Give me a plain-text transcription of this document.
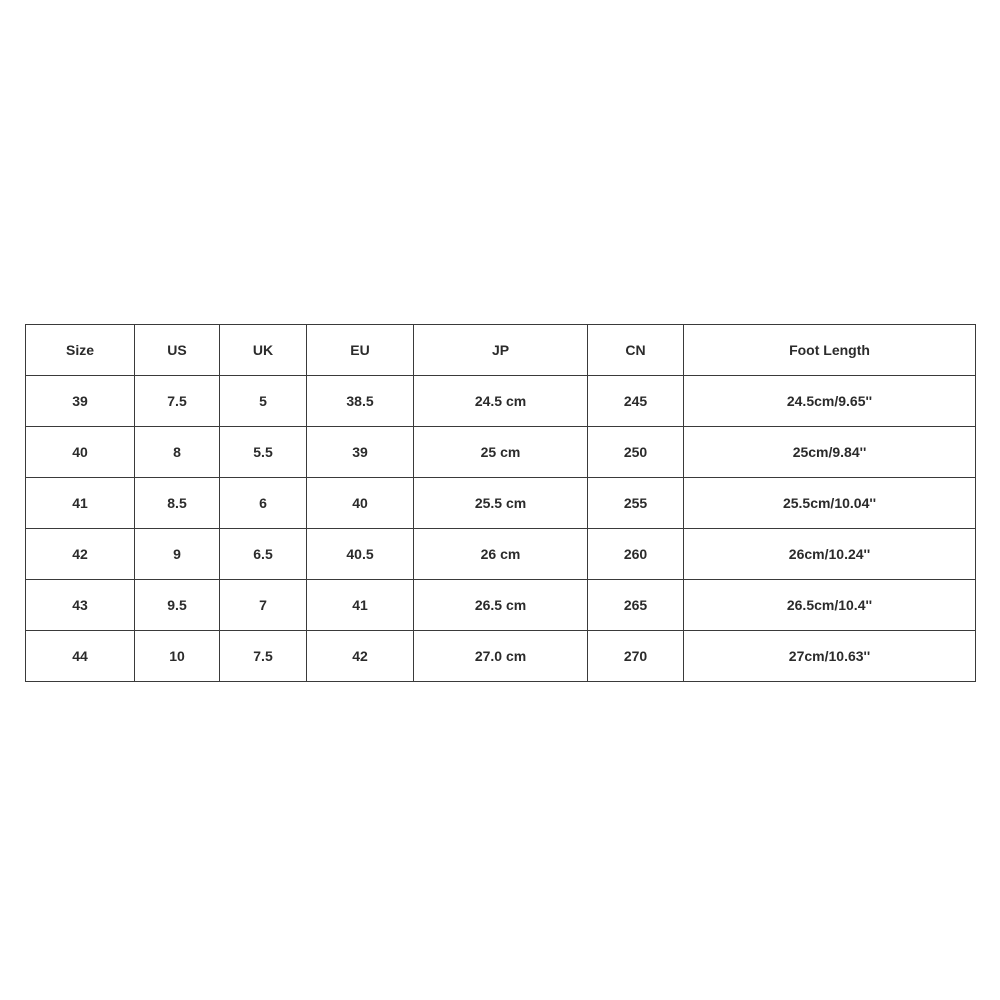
Size	US	UK	EU	JP	CN	Foot Length
39	7.5	5	38.5	24.5 cm	245	24.5cm/9.65''
40	8	5.5	39	25 cm	250	25cm/9.84''
41	8.5	6	40	25.5 cm	255	25.5cm/10.04''
42	9	6.5	40.5	26 cm	260	26cm/10.24''
43	9.5	7	41	26.5 cm	265	26.5cm/10.4''
44	10	7.5	42	27.0 cm	270	27cm/10.63''
